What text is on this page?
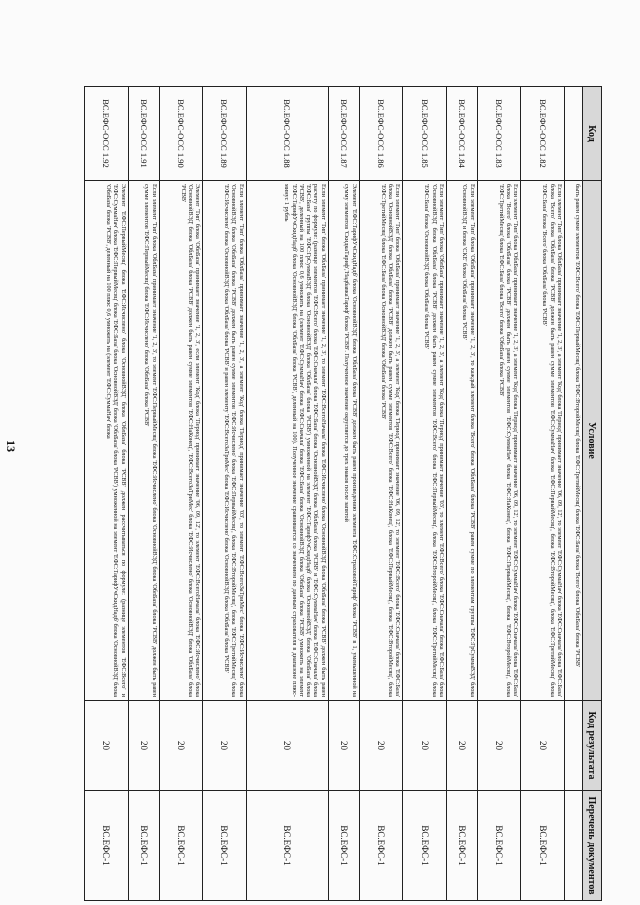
13
Код	Условие	Код результата	Перечень документов
	быть равен сумме элементов 'ЕФС:Всего' блока 'ЕФС:ПервыйМесяц' блока 'ЕФС:ВторойМесяц' блока 'ЕФС:ТретийМесяц' блока 'ЕФС:База' блока 'Всего' блока 'ОблБаза' блока 'РСВВ'		
ВС.ЕФС-ОСС 1.82	Если элемент 'Тип' блока 'ОблБаза' принимает значение '1, 2, 3', а элемент 'Код' блока 'Период' принимает значение '06, 09, 12', то элемент 'ЕФС:СуммаНач' блока 'ЕФС:Сначала' блока 'ЕФС:База' блока 'Всего' блока 'ОблБаза' блока 'РСВВ' должен быть равен сумме элементов 'ЕФС:СуммаНач' блока 'ЕФС:ПервыйМесяц', блока 'ЕФС:ВторойМесяц', блока 'ЕФС:ТретийМесяц' блока 'ЕФС:База' блока 'Всего' блока 'ОблБаза' блока 'РСВВ'	20	ВС.ЕФС-1
ВС.ЕФС-ОСС 1.83	Если элемент 'Тип' блока 'ОблБаза' принимает значение '1, 2, 3', а элемент 'Код' блока 'Период' принимает значение '06, 09, 12', то элемент 'ЕФС:СуммаНач' блока 'ЕФС:Сначала' блока 'ЕФС:База' блока 'Всего' блока 'ОблБаза' блока 'РСВВ' должен быть равен сумме элементов 'ЕФС:СуммаНач' блока 'ЕФС:НаКонец', блока 'ЕФС:ПервыйМесяц', блока 'ЕФС:ВторойМесяц', блока 'ЕФС:ТретийМесяц' блока 'ЕФС:База' блока 'Всего' блока 'ОблБаза' блока 'РСВВ'	20	ВС.ЕФС-1
ВС.ЕФС-ОСС 1.84	Если элемент 'Тип' блока 'ОблБаза' принимает значение '1, 2, 3', то каждый элемент блока 'Всего' блока 'ОблБаза' блока 'РСВВ' равен сумме по элементам группы 'ЕФС:ГрСуммаВЭД' блока 'ОсновнойВЭД' и блока 'СКЕ' блока 'ОблБаза' блока 'РСВВ'	20	ВС.ЕФС-1
ВС.ЕФС-ОСС 1.85	Если элемент 'Тип' блока 'ОблБаза' принимает значение '1, 2, 3', а элемент 'Код' блока 'Период' принимает значение '03', то элемент 'ЕФС:Всего' блока 'ЕФС:Сначала' блока 'ЕФС:База' блока 'ОсновнойВЭД' блока 'ОблБаза' блока 'РСВВ' должен быть равен сумме элементов 'ЕФС:Всего' блока 'ЕФС:ПервыйМесяц', блока 'ЕФС:ВторойМесяц', блока 'ЕФС:ТретийМесяц' блока 'ЕФС:База' блока 'ОсновнойВЭД' блока 'ОблБаза' блока 'РСВВ'	20	ВС.ЕФС-1
ВС.ЕФС-ОСС 1.86	Если элемент 'Тип' блока 'ОблБаза' принимает значение '1, 2, 3', а элемент 'Код' блока 'Период' принимает значение '06, 09, 12', то элемент 'ЕФС:Всего' блока 'ЕФС:Сначала' блока 'ЕФС:База' блока 'ОсновнойВЭД' блока 'ОблБаза' блока 'РСВВ' должен быть равен сумме элементов 'ЕФС:Всего' блока 'ЕФС:НаКонец', блока 'ЕФС:ПервыйМесяц', блока 'ЕФС:ВторойМесяц', блока 'ЕФС:ТретийМесяц' блока 'ЕФС:База' блока 'ОсновнойВЭД' блока 'ОблБаза' блока 'РСВВ'	20	ВС.ЕФС-1
ВС.ЕФС-ОСС 1.87	Элемент 'ЕФС:ТарифУчСкидНадб' блока 'ОсновнойВЭД' блока 'ОблБаза' блока 'РСВВ' должен быть равен произведению элемента 'ЕФС:СтраховойТариф' блока 'РСВВ' в 1, уменьшенной на сумму элементов 'СкидкаТариф','НадбавкаТариф' блока 'РСВВ'. Полученное значение округляется до трех знаков после запятой	20	ВС.ЕФС-1
ВС.ЕФС-ОСС 1.88	Если элемент 'Тип' блока 'ОблБаза' принимает значение '1, 2, 3', то элемент 'ЕФС:ВсегоНачала' блока 'ЕФС:Исчислено' блока 'ОсновнойВЭД' блока 'ОблБаза' блока 'РСВВ' должен быть равен расчету по формуле: (разнице элементов 'ЕФС:Всего' блока 'ЕФС:Сначала' блока 'ЕФС:База' блока 'ОсновнойВЭД' блока 'ОблБаза' блока 'РСВВ' и 'ЕФС:СуммаНач' блока 'ЕФС:Сначала' блока 'ЕФС:База' группы 'ЕФС:ГрСуммаВЭД' блока 'ОсновнойВЭД' блока 'ОблБаза' блока 'РСВВ') умноженной на элемент 'ЕФС:ТарифУчСкидНадб' блока 'ОсновнойВЭД' блока 'ОблБаза' блока 'РСВВ', деленный на 100 плюс 0,6 умножить на (элемент 'ЕФС:СуммаНач' блока 'ЕФС:Сначала' блока 'ЕФС:База' блока 'ОсновнойВЭД' блока 'ОблБаза' блока 'РСВВ' умножить на элемент 'ЕФС:ТарифУчСкидНадб' блока 'ОсновнойВЭД' блока 'ОблБаза' блока 'РСВВ', деленный на 100). Полученное значение сравнивается со значением по данным страхователя в диапазоне плюс-минус 1 рубль	20	ВС.ЕФС-1
ВС.ЕФС-ОСС 1.89	Если элемент 'Тип' блока 'ОблБаза' принимает значение '1, 2, 3', а элемент 'Код' блока 'Период' принимает значение '03', то элемент 'ЕФС:ВсегоЗаТриМес' блока 'ЕФС:Исчислено' блока 'ОсновнойВЭД' блока 'ОблБаза' блока 'РСВВ' должен быть равен сумме элементов 'ЕФС:Исчислено' блока 'ЕФС:ПервыйМесяц', блока 'ЕФС:ВторойМесяц', блока 'ЕФС:ТретийМесяц' блока 'ЕФС:Исчислено' блока 'ОсновнойВЭД' блока 'ОблБаза' блока 'РСВВ' и равен элементу 'ЕФС:ВсегоЗаТриМес' блока 'ЕФС:Исчислено' блока 'ОсновнойВЭД' блока 'ОблБаза' блока 'РСВВ'	20	ВС.ЕФС-1
ВС.ЕФС-ОСС 1.90	Элемент 'Тип' блока 'ОблБаза' принимает значение '1, 2, 3', если элемент 'Код' блока 'Период' принимает значение '06, 09, 12', то элемент 'ЕФС:ВсегоНачала' блока 'ЕФС:Исчислено' блока 'ОсновнойВЭД' блока 'ОблБаза' блока 'РСВВ' должен быть равен сумме элементов 'ЕФС:НаКонец', 'ЕФС:ВсегоЗаТриМес' блока 'ЕФС:Исчислено' блока 'ОсновнойВЭД' блока 'ОблБаза' блока 'РСВВ'	20	ВС.ЕФС-1
ВС.ЕФС-ОСС 1.91	Если элемент 'Тип' блока 'ОблБаза' принимает значение '1, 2, 3', то элемент 'ЕФС:ПервыйМесяц' блока 'ЕФС:Исчислено' блока 'ОсновнойВЭД' блока 'ОблБаза' блока 'РСВВ' должен быть равен сумме элементов 'ЕФС:ПервыйМесяц' блока 'ЕФС:Исчислено' блока 'ОблБаза' блока 'РСВВ'	20	ВС.ЕФС-1
ВС.ЕФС-ОСС 1.92	Элемент 'ЕФС:ПервыйМесяц' блока 'ЕФС:Исчислено' блока 'ОсновнойВЭД' блока 'ОблБаза' блока 'РСВВ' должен рассчитываться по формуле: (разнице элементов 'ЕФС:Всего' и 'ЕФС:СуммаНач' блока 'ЕФС:ПервыйМесяц' блока 'ЕФС:База' блока 'ОсновнойВЭД' блока 'ОблБаза' блока 'РСВВ') умноженной на элемент 'ЕФС:ТарифУчСкидНадб' блока 'ОсновнойВЭД' блока 'ОблБаза' блока 'РСВВ', деленный на 100 плюс 0,6 умножить на (элемент 'ЕФС:СуммаНач' блока	20	ВС.ЕФС-1
